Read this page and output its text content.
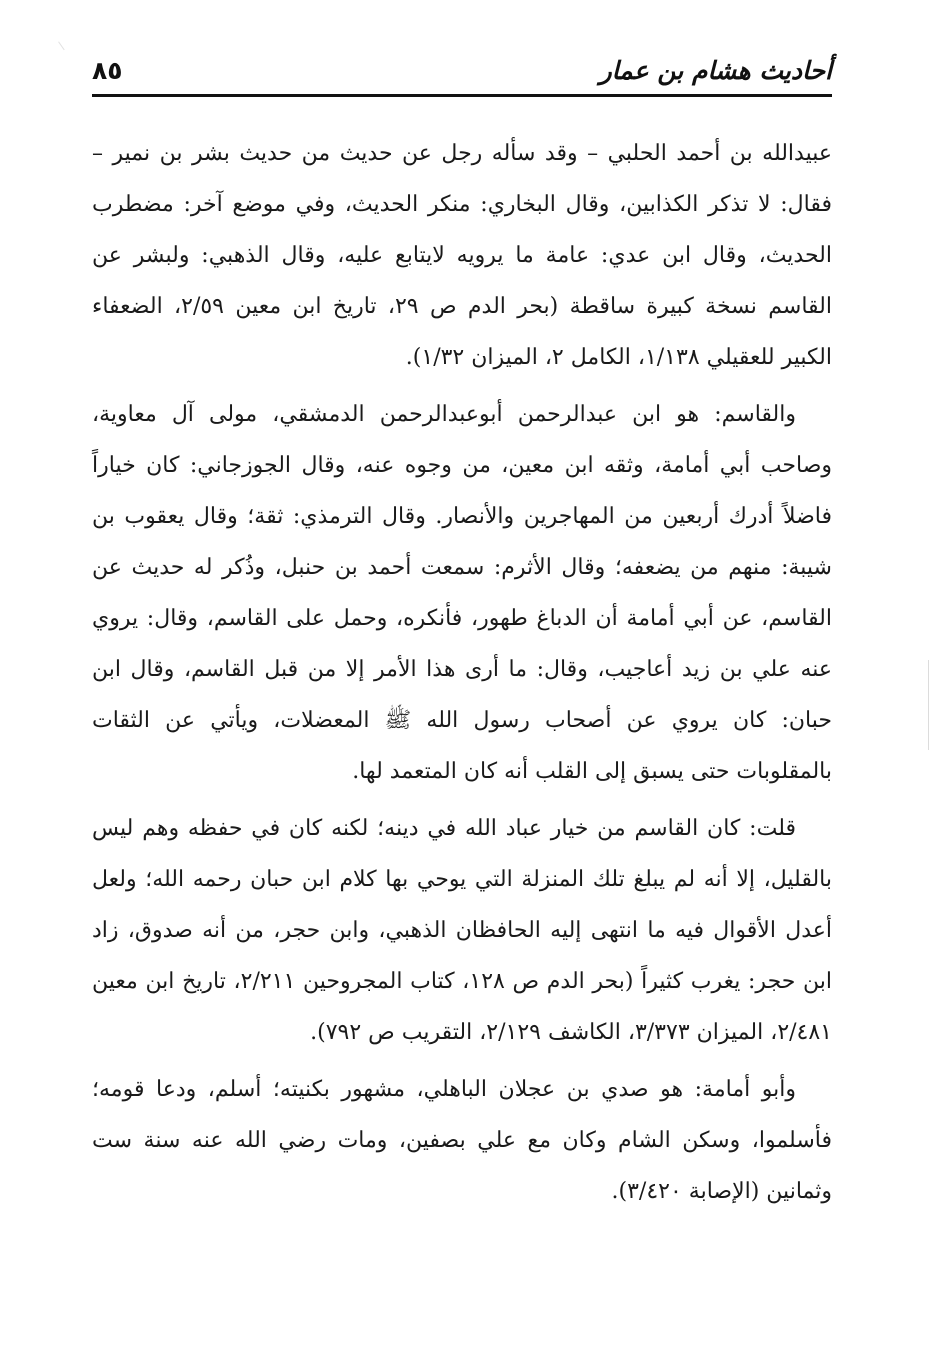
أحاديث هشام بن عمار
٨٥

عبيدالله بن أحمد الحلبي – وقد سأله رجل عن حديث من حديث بشر بن نمير – فقال: لا تذكر الكذابين، وقال البخاري: منكر الحديث، وفي موضع آخر: مضطرب الحديث، وقال ابن عدي: عامة ما يرويه لايتابع عليه، وقال الذهبي: ولبشر عن القاسم نسخة كبيرة ساقطة (بحر الدم ص ٢٩، تاريخ ابن معين ٢/٥٩، الضعفاء الكبير للعقيلي ١/١٣٨، الكامل ٢، الميزان ١/٣٢).

والقاسم: هو ابن عبدالرحمن أبوعبدالرحمن الدمشقي، مولى آل معاوية، وصاحب أبي أمامة، وثقه ابن معين، من وجوه عنه، وقال الجوزجاني: كان خياراً فاضلاً أدرك أربعين من المهاجرين والأنصار. وقال الترمذي: ثقة؛ وقال يعقوب بن شيبة: منهم من يضعفه؛ وقال الأثرم: سمعت أحمد بن حنبل، وذُكر له حديث عن القاسم، عن أبي أمامة أن الدباغ طهور، فأنكره، وحمل على القاسم، وقال: يروي عنه علي بن زيد أعاجيب، وقال: ما أرى هذا الأمر إلا من قبل القاسم، وقال ابن حبان: كان يروي عن أصحاب رسول الله ﷺ المعضلات، ويأتي عن الثقات بالمقلوبات حتى يسبق إلى القلب أنه كان المتعمد لها.

قلت: كان القاسم من خيار عباد الله في دينه؛ لكنه كان في حفظه وهم ليس بالقليل، إلا أنه لم يبلغ تلك المنزلة التي يوحي بها كلام ابن حبان رحمه الله؛ ولعل أعدل الأقوال فيه ما انتهى إليه الحافظان الذهبي، وابن حجر، من أنه صدوق، زاد ابن حجر: يغرب كثيراً (بحر الدم ص ١٢٨، كتاب المجروحين ٢/٢١١، تاريخ ابن معين ٢/٤٨١، الميزان ٣/٣٧٣، الكاشف ٢/١٢٩، التقريب ص ٧٩٢).

وأبو أمامة: هو صدي بن عجلان الباهلي، مشهور بكنيته؛ أسلم، ودعا قومه؛ فأسلموا، وسكن الشام وكان مع علي بصفين، ومات رضي الله عنه سنة ست وثمانين (الإصابة ٣/٤٢٠).
